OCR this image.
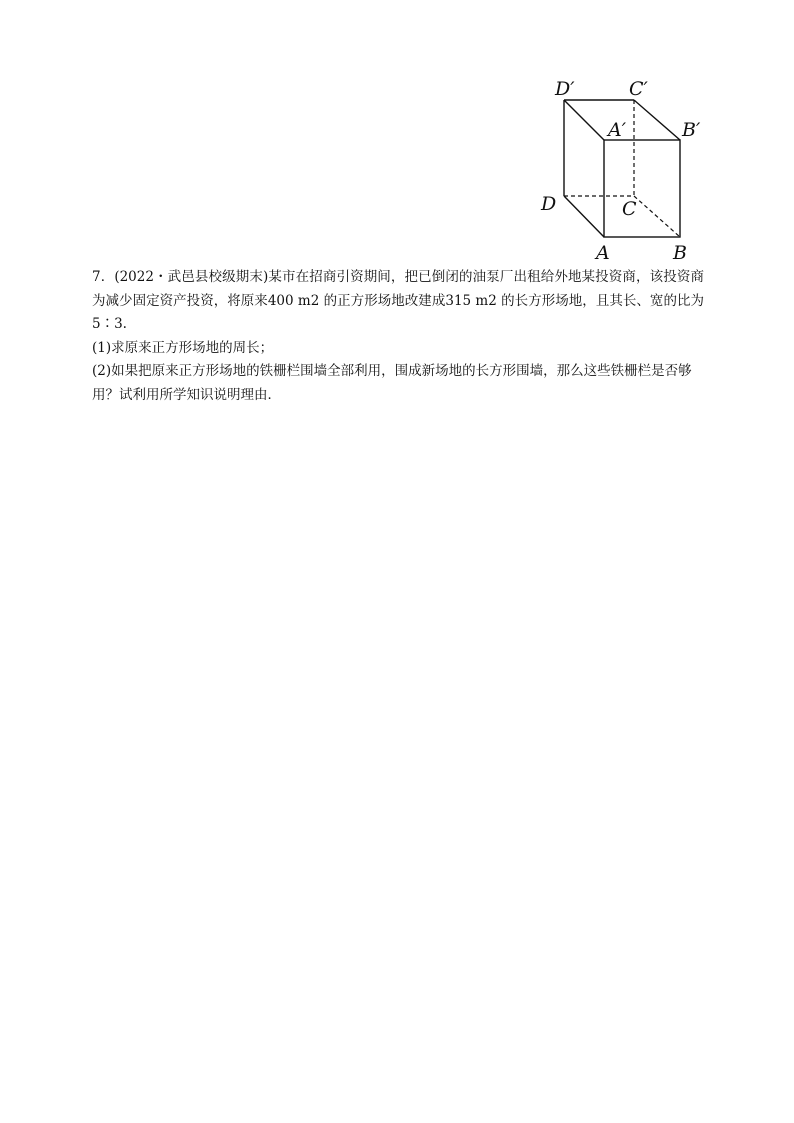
D′	C′
A′	B′
D	C
A	B

7．(2022・武邑县校级期末)某市在招商引资期间，把已倒闭的油泵厂出租给外地某投资商，该投资商为减少固定资产投资，将原来400 m2 的正方形场地改建成315 m2 的长方形场地，且其长、宽的比为5∶3.

(1)求原来正方形场地的周长；

(2)如果把原来正方形场地的铁栅栏围墙全部利用，围成新场地的长方形围墙，那么这些铁栅栏是否够用？试利用所学知识说明理由．
